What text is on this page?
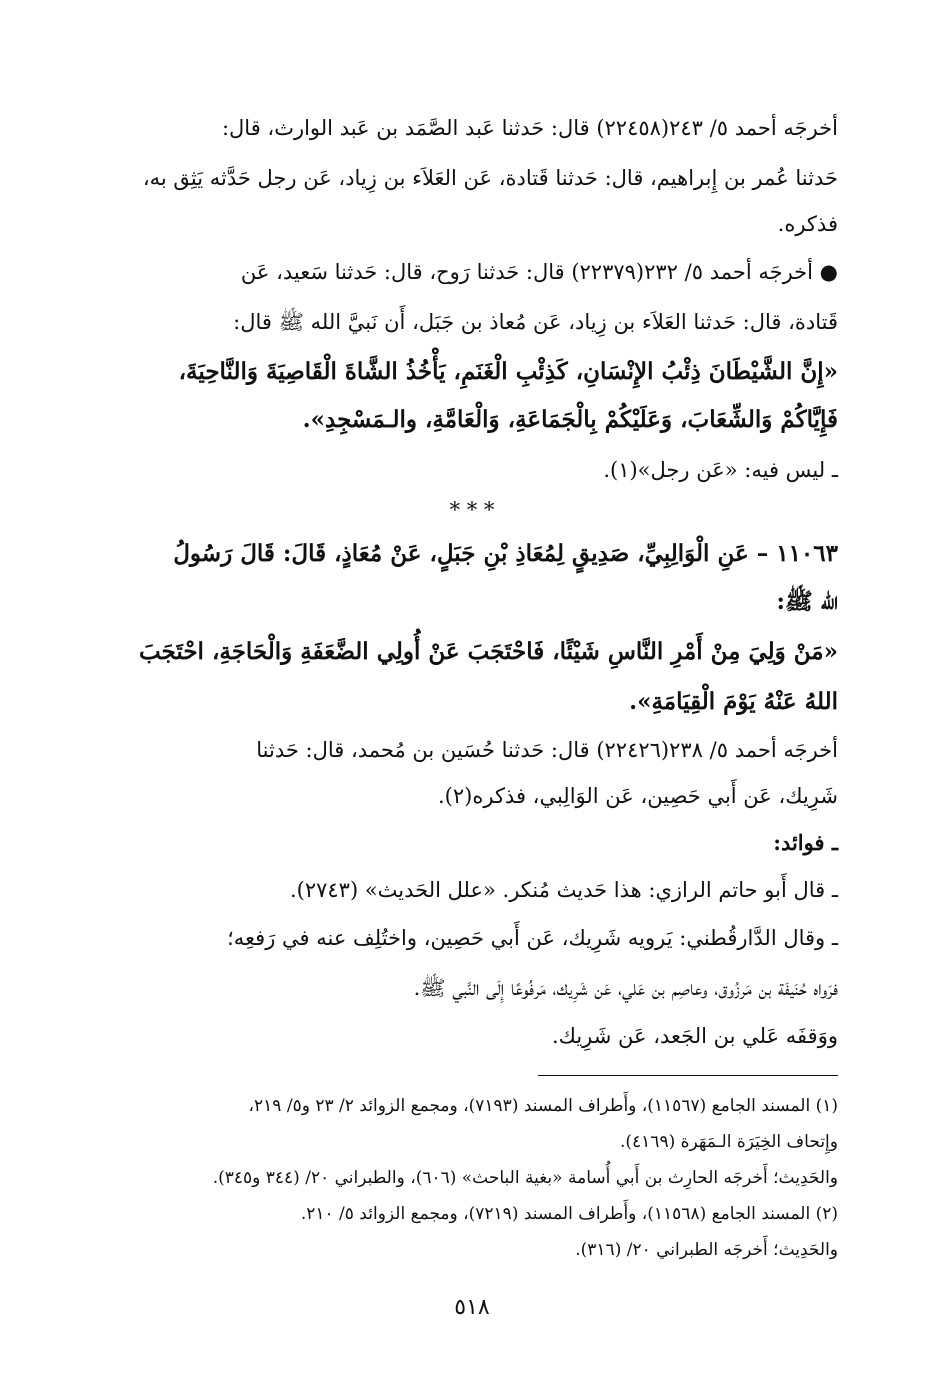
أخرجَه أحمد ٥/ ٢٤٣(٢٢٤٥٨) قال: حَدثنا عَبد الصَّمَد بن عَبد الوارث، قال:

حَدثنا عُمر بن إِبراهيم، قال: حَدثنا قَتادة، عَن العَلاَء بن زِياد، عَن رجل حَدَّثه يَثِق به،

فذكره.

● أخرجَه أحمد ٥/ ٢٣٢(٢٢٣٧٩) قال: حَدثنا رَوح، قال: حَدثنا سَعيد، عَن

قَتادة، قال: حَدثنا العَلاَء بن زِياد، عَن مُعاذ بن جَبَل، أَن نَبيَّ الله ﷺ قال:

«إِنَّ الشَّيْطَانَ ذِئْبُ الإِنْسَانِ، كَذِئْبِ الْغَنَمِ، يَأْخُذُ الشَّاةَ الْقَاصِيَةَ وَالنَّاحِيَةَ،

فَإِيَّاكُمْ وَالشِّعَابَ، وَعَلَيْكُمْ بِالْجَمَاعَةِ، وَالْعَامَّةِ، والـمَسْجِدِ».

ـ ليس فيه: «عَن رجل»(١).

* * *

١١٠٦٣ – عَنِ الْوَالِبِيِّ، صَدِيقٍ لِمُعَاذِ بْنِ جَبَلٍ، عَنْ مُعَاذٍ، قَالَ: قَالَ رَسُولُ

الله ﷺ:

«مَنْ وَلِيَ مِنْ أَمْرِ النَّاسِ شَيْئًا، فَاحْتَجَبَ عَنْ أُولِي الضَّعَفَةِ وَالْحَاجَةِ، احْتَجَبَ

اللهُ عَنْهُ يَوْمَ الْقِيَامَةِ».

أخرجَه أحمد ٥/ ٢٣٨(٢٢٤٢٦) قال: حَدثنا حُسَين بن مُحمد، قال: حَدثنا

شَرِيك، عَن أَبي حَصِين، عَن الوَالِبي، فذكره(٢).

ـ فوائد:

ـ قال أَبو حاتم الرازي: هذا حَديث مُنكر. «علل الحَديث» (٢٧٤٣).

ـ وقال الدَّارقُطني: يَرويه شَرِيك، عَن أَبي حَصِين، واختُلِف عنه في رَفعِه؛

فرَواه حُنَيفَة بن مَرزُوق، وعاصِم بن عَلي، عَن شَرِيك، مَرفُوعًا إِلَى النَّبي ﷺ.

ووَقفَه عَلي بن الجَعد، عَن شَرِيك.

(١) المسند الجامع (١١٥٦٧)، وأَطراف المسند (٧١٩٣)، ومجمع الزوائد ٢/ ٢٣ و٥/ ٢١٩،

وإِتحاف الخِيَرَة الـمَهَرة (٤١٦٩).

والحَدِيث؛ أَخرجَه الحارِث بن أَبي أُسامة «بغية الباحث» (٦٠٦)، والطبراني ٢٠/ (٣٤٤ و٣٤٥).

(٢) المسند الجامع (١١٥٦٨)، وأَطراف المسند (٧٢١٩)، ومجمع الزوائد ٥/ ٢١٠.

والحَدِيث؛ أَخرجَه الطبراني ٢٠/ (٣١٦).

٥١٨
